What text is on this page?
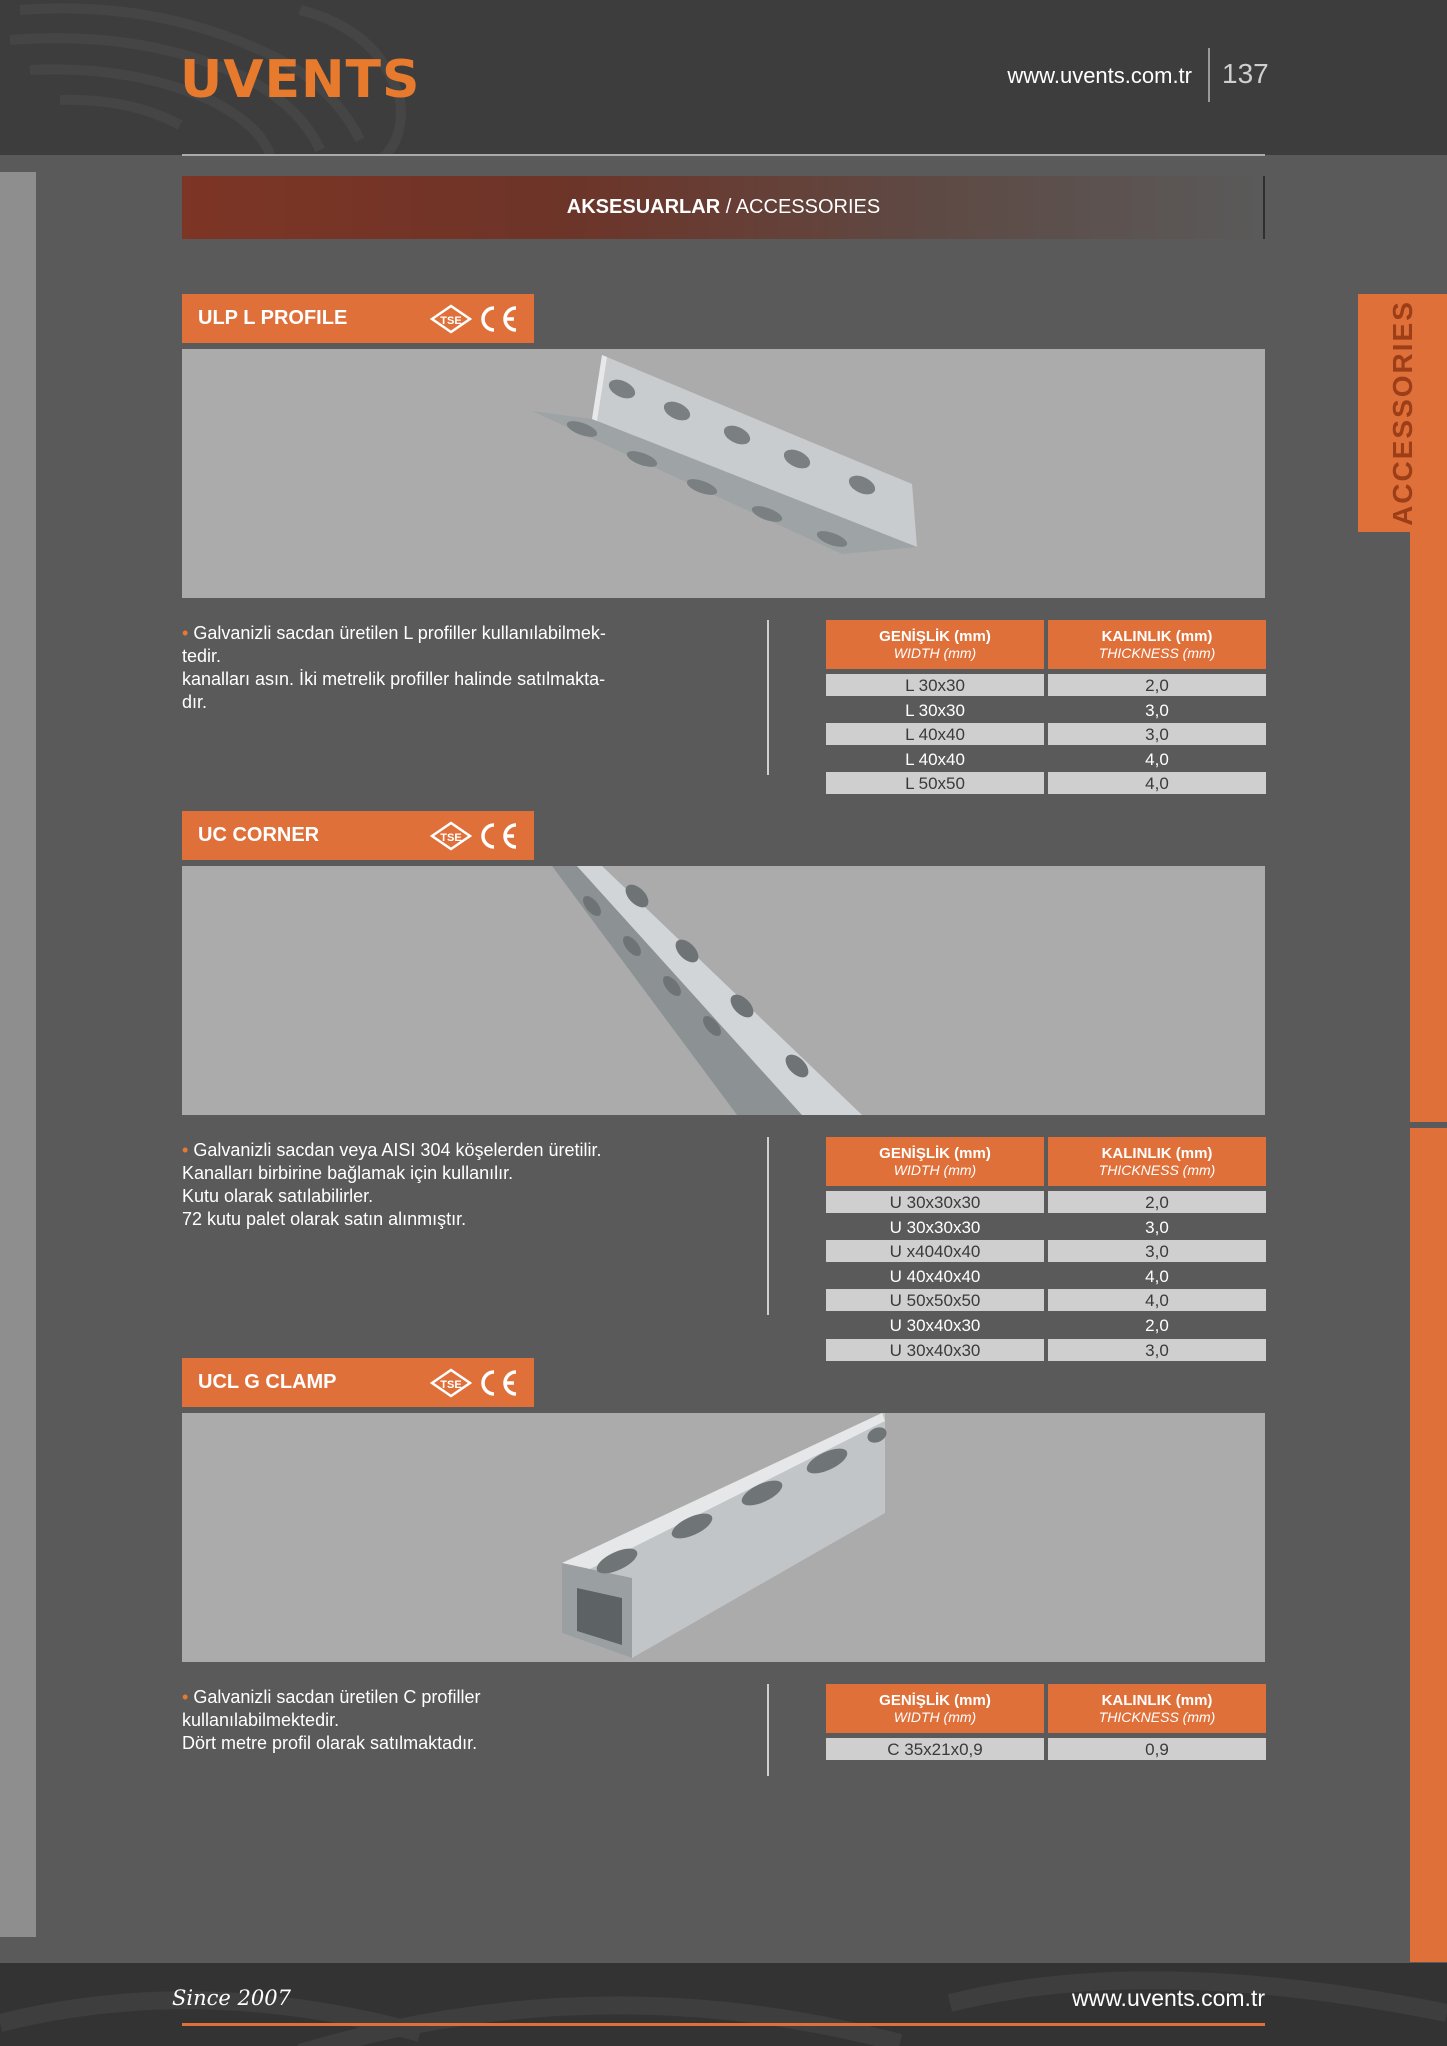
UVENTS	www.uvents.com.tr 137
AKSESUARLAR / ACCESSORIES
ACCESSORIES
ULP L PROFILE	TSE
• Galvanizli sacdan üretilen L profiller kullanılabilmek-
tedir.
kanalları asın. İki metrelik profiller halinde satılmakta-
dır.
GENİŞLİK (mm)
WIDTH (mm)
KALINLIK (mm)
THICKNESS (mm)
L 30x30	2,0
L 30x30	3,0
L 40x40	3,0
L 40x40	4,0
L 50x50	4,0
UC CORNER	TSE
• Galvanizli sacdan veya AISI 304 köşelerden üretilir.
Kanalları birbirine bağlamak için kullanılır.
Kutu olarak satılabilirler.
72 kutu palet olarak satın alınmıştır.
GENİŞLİK (mm)
WIDTH (mm)
KALINLIK (mm)
THICKNESS (mm)
U 30x30x30	2,0
U 30x30x30	3,0
U x4040x40	3,0
U 40x40x40	4,0
U 50x50x50	4,0
U 30x40x30	2,0
U 30x40x30	3,0
UCL G CLAMP	TSE
• Galvanizli sacdan üretilen C profiller
kullanılabilmektedir.
Dört metre profil olarak satılmaktadır.
GENİŞLİK (mm)
WIDTH (mm)
KALINLIK (mm)
THICKNESS (mm)
C 35x21x0,9	0,9
Since 2007	www.uvents.com.tr
